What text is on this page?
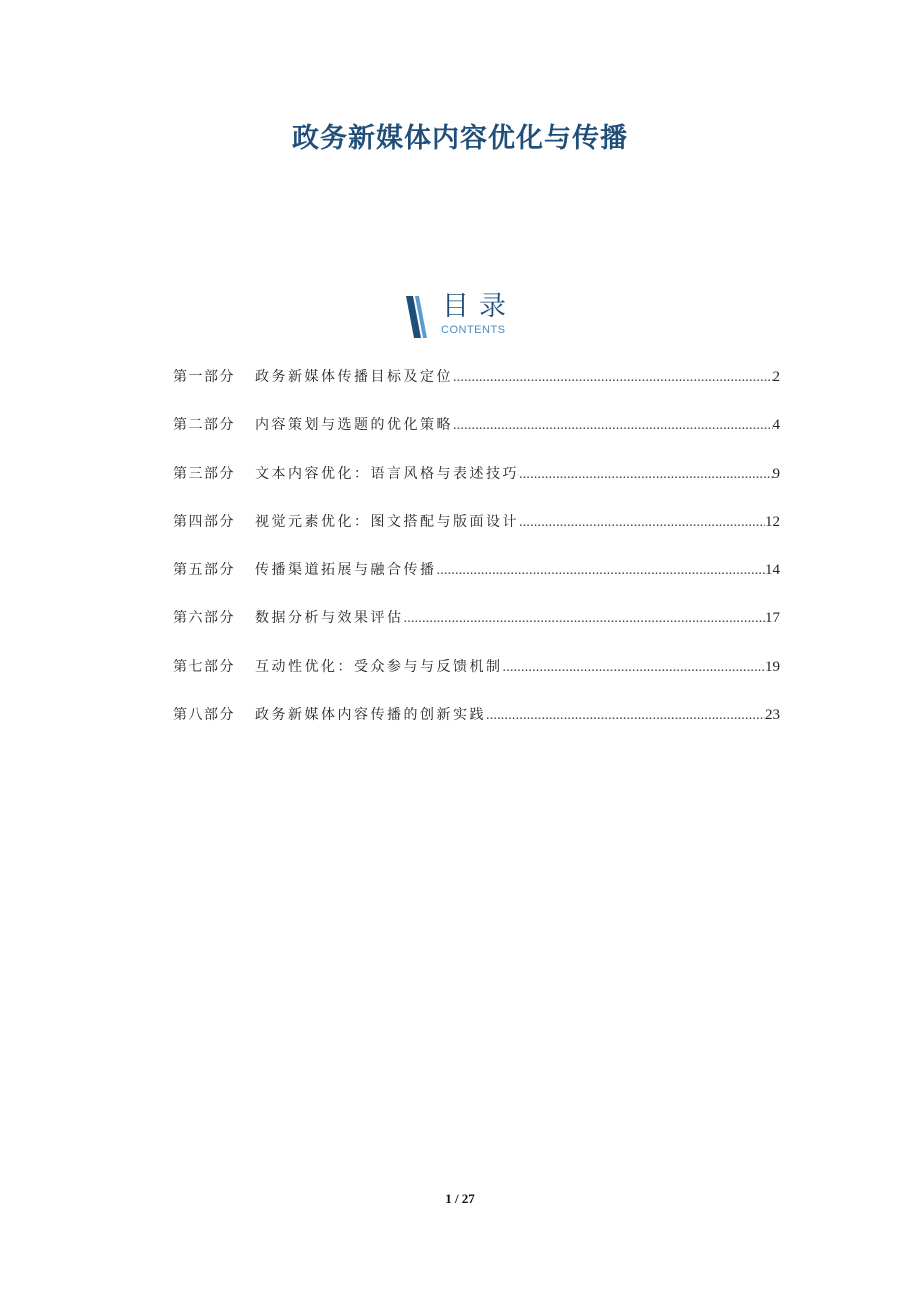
政务新媒体内容优化与传播
目录
CONTENTS
第一部分	政务新媒体传播目标及定位 .....	2
第二部分	内容策划与选题的优化策略 .....	4
第三部分	文本内容优化：语言风格与表述技巧 .....	9
第四部分	视觉元素优化：图文搭配与版面设计 .....	12
第五部分	传播渠道拓展与融合传播 .....	14
第六部分	数据分析与效果评估 .....	17
第七部分	互动性优化：受众参与与反馈机制 .....	19
第八部分	政务新媒体内容传播的创新实践 .....	23
1 / 27
